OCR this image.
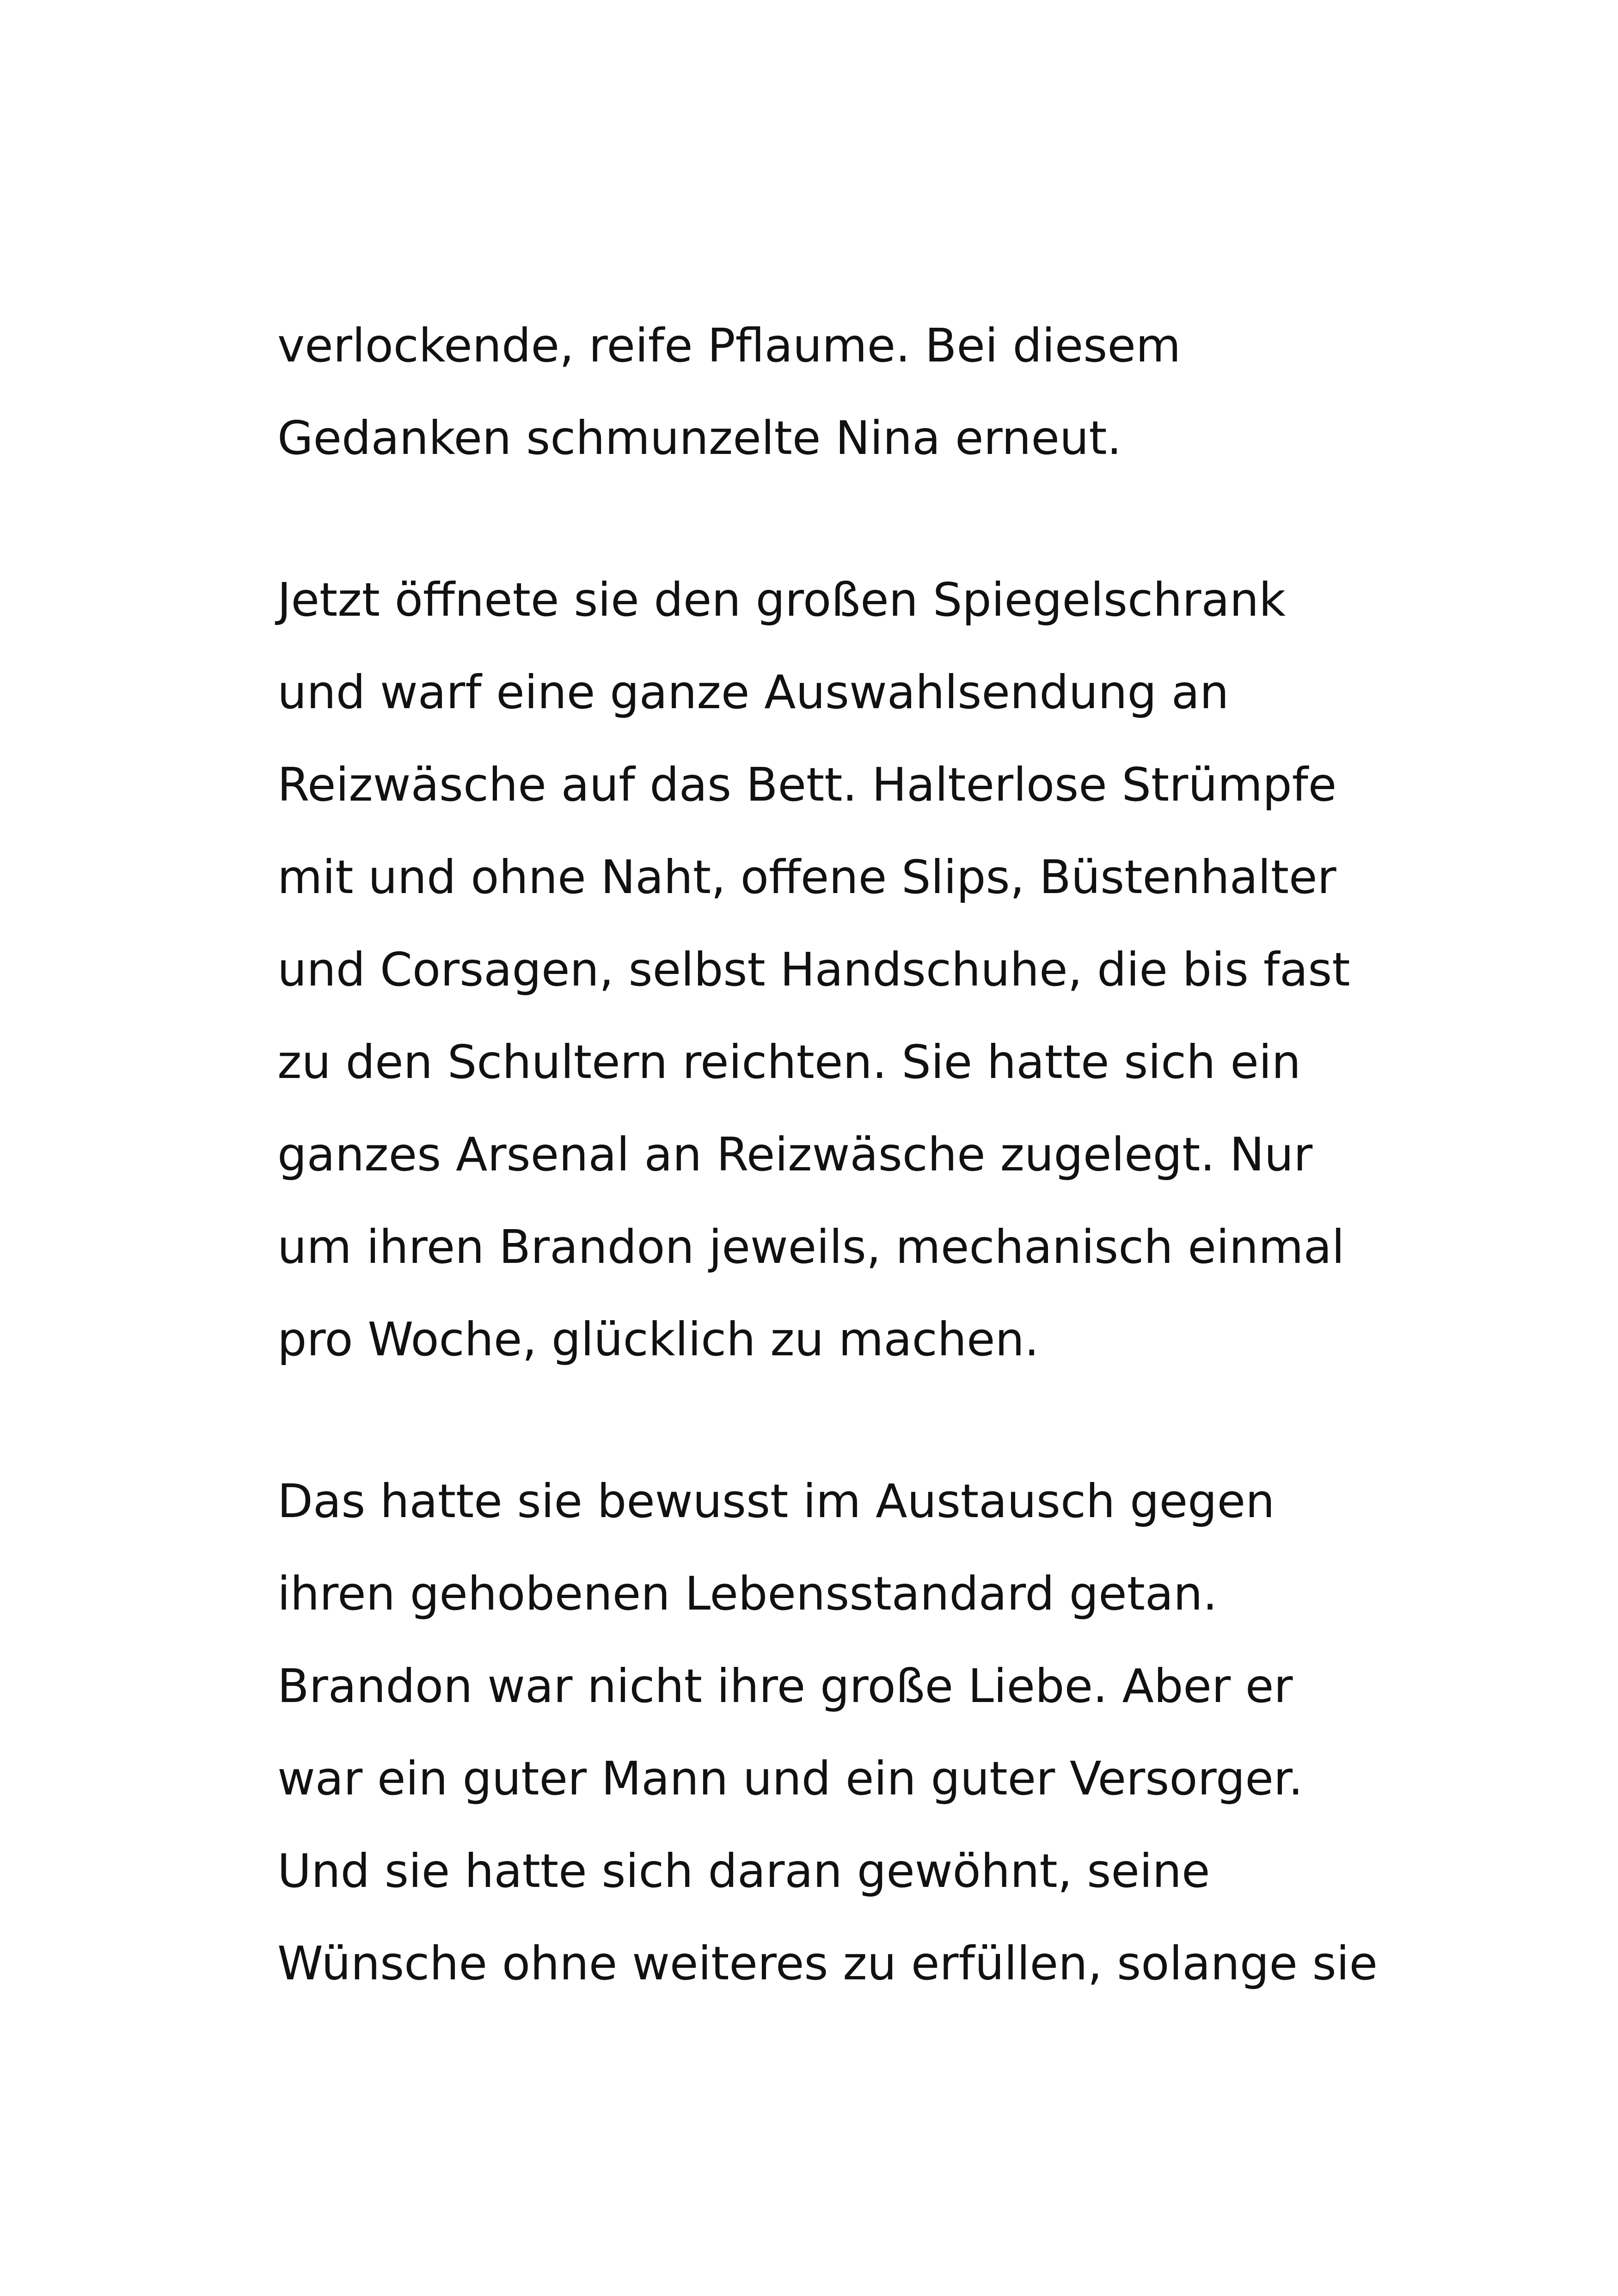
verlockende, reife Pflaume. Bei diesem
Gedanken schmunzelte Nina erneut.
Jetzt öffnete sie den großen Spiegelschrank
und warf eine ganze Auswahlsendung an
Reizwäsche auf das Bett. Halterlose Strümpfe
mit und ohne Naht, offene Slips, Büstenhalter
und Corsagen, selbst Handschuhe, die bis fast
zu den Schultern reichten. Sie hatte sich ein
ganzes Arsenal an Reizwäsche zugelegt. Nur
um ihren Brandon jeweils, mechanisch einmal
pro Woche, glücklich zu machen.
Das hatte sie bewusst im Austausch gegen
ihren gehobenen Lebensstandard getan.
Brandon war nicht ihre große Liebe. Aber er
war ein guter Mann und ein guter Versorger.
Und sie hatte sich daran gewöhnt, seine
Wünsche ohne weiteres zu erfüllen, solange sie
